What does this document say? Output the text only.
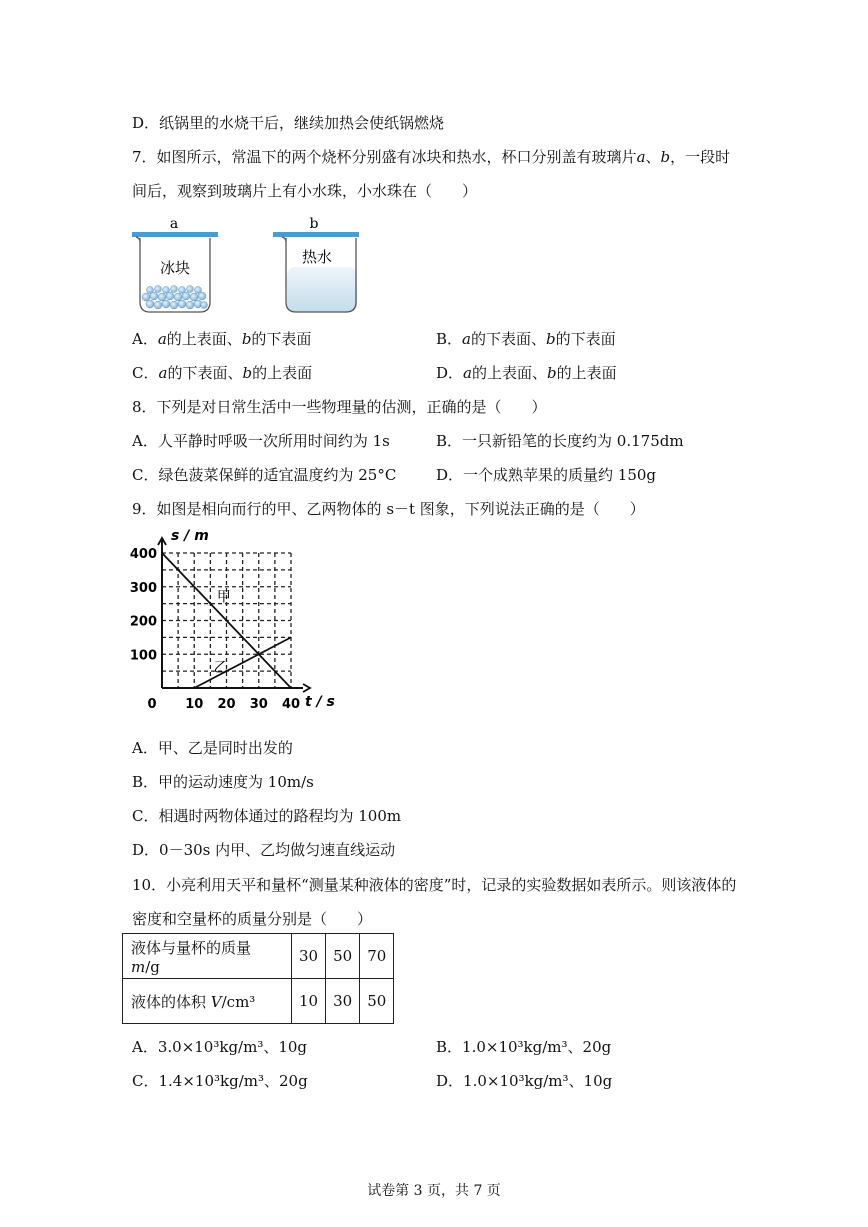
D．纸锅里的水烧干后，继续加热会使纸锅燃烧
7．如图所示，常温下的两个烧杯分别盛有冰块和热水，杯口分别盖有玻璃片a、b，一段时
间后，观察到玻璃片上有小水珠，小水珠在（　　）
a	b
冰块
热水
A．a的上表面、b的下表面	B．a的下表面、b的下表面
C．a的下表面、b的上表面	D．a的上表面、b的上表面
8．下列是对日常生活中一些物理量的估测，正确的是（　　）
A．人平静时呼吸一次所用时间约为 1s	B．一只新铅笔的长度约为 0.175dm
C．绿色菠菜保鲜的适宜温度约为 25°C	D．一个成熟苹果的质量约 150g
9．如图是相向而行的甲、乙两物体的 s－t 图象，下列说法正确的是（　　）
0 10 20 30 40
100
200
300
400
甲
乙
s / m
t / s
A．甲、乙是同时出发的
B．甲的运动速度为 10m/s
C．相遇时两物体通过的路程均为 100m
D．0－30s 内甲、乙均做匀速直线运动
10．小亮利用天平和量杯“测量某种液体的密度”时，记录的实验数据如表所示。则该液体的
密度和空量杯的质量分别是（　　）
液体与量杯的质量 m/g	30	50	70
液体的体积 V/cm³	10	30	50
A．3.0×10³kg/m³、10g	B．1.0×10³kg/m³、20g
C．1.4×10³kg/m³、20g	D．1.0×10³kg/m³、10g
试卷第 3 页，共 7 页
